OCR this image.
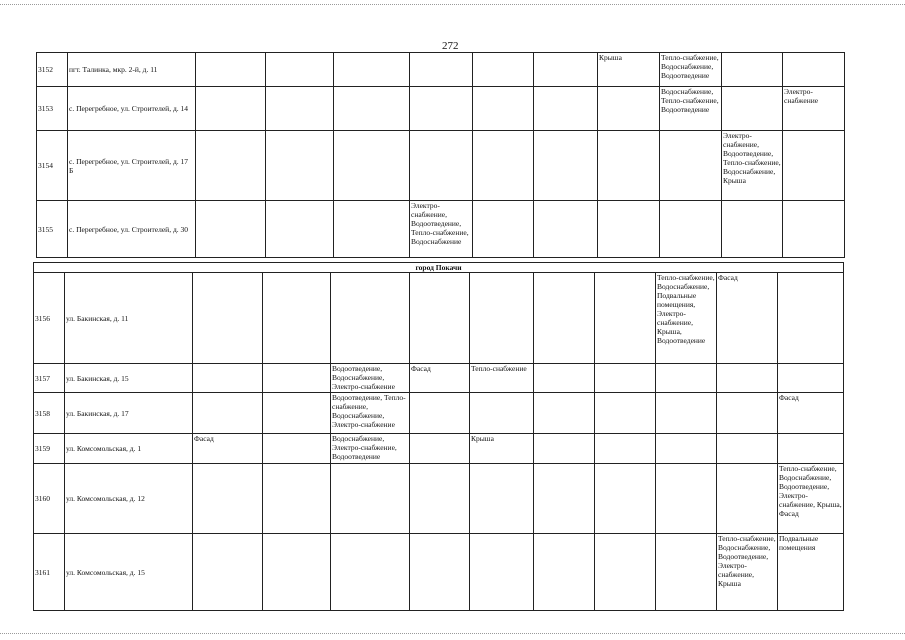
272
3152	пгт. Талинка, мкр. 2-й, д. 11							Крыша	Тепло-снабжение, Водоснабжение, Водоотведение		
3153	с. Перегребное, ул. Строителей, д. 14								Водоснабжение, Тепло-снабжение, Водоотведение		Электро-снабжение
3154	с. Перегребное, ул. Строителей, д. 17 Б									Электро-снабжение, Водоотведение, Тепло-снабжение, Водоснабжение, Крыша	
3155	с. Перегребное, ул. Строителей, д. 30				Электро-снабжение, Водоотведение, Тепло-снабжение, Водоснабжение						
город Покачи											
3156	ул. Бакинская, д. 11								Тепло-снабжение, Водоснабжение, Подвальные помещения, Электро-снабжение, Крыша, Водоотведение	Фасад	
3157	ул. Бакинская, д. 15			Водоотведение, Водоснабжение, Электро-снабжение	Фасад	Тепло-снабжение					
3158	ул. Бакинская, д. 17			Водоотведение, Тепло-снабжение, Водоснабжение, Электро-снабжение							Фасад
3159	ул. Комсомольская, д. 1	Фасад		Водоснабжение, Электро-снабжение, Водоотведение		Крыша					
3160	ул. Комсомольская, д. 12										Тепло-снабжение, Водоснабжение, Водоотведение, Электро-снабжение, Крыша, Фасад
3161	ул. Комсомольская, д. 15									Тепло-снабжение, Водоснабжение, Водоотведение, Электро-снабжение, Крыша	Подвальные помещения
